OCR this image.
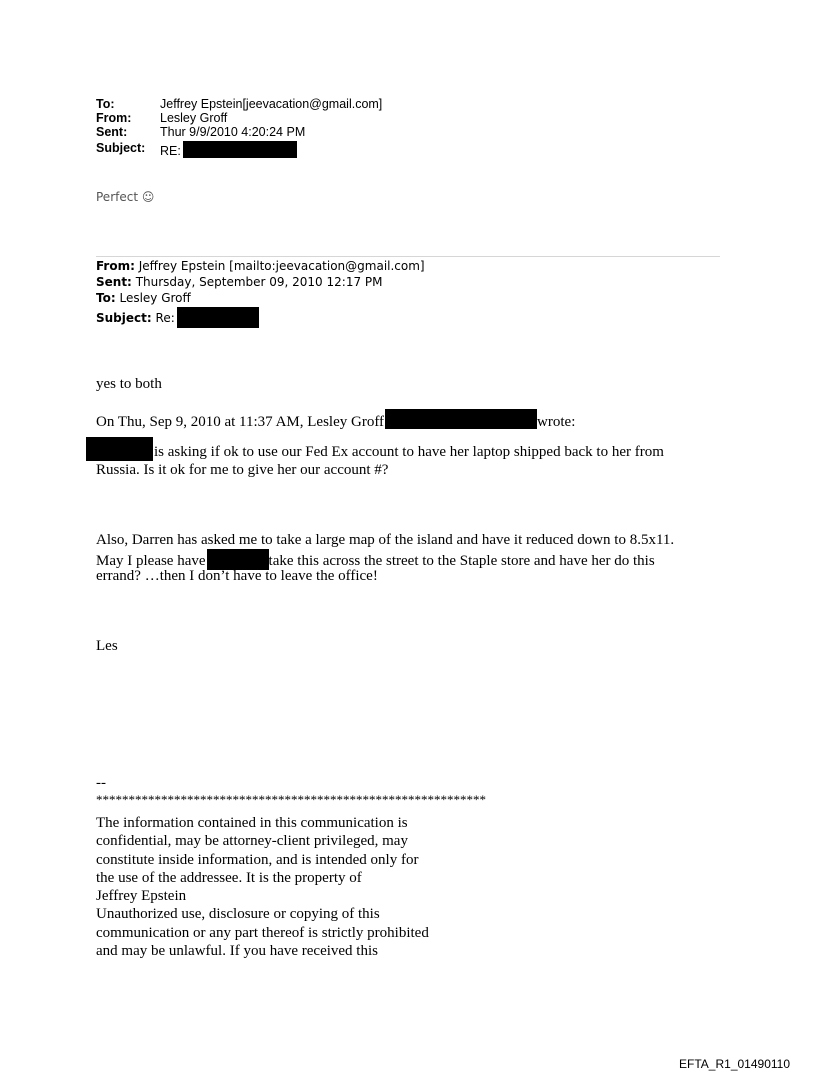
To:	Jeffrey Epstein[jeevacation@gmail.com]
From: Lesley Groff
Sent:	Thur 9/9/2010 4:20:24 PM
Subject: RE:
Perfect ☺
From: Jeffrey Epstein [mailto:jeevacation@gmail.com]
Sent: Thursday, September 09, 2010 12:17 PM
To: Lesley Groff
Subject: Re:
yes to both
On Thu, Sep 9, 2010 at 11:37 AM, Lesley Groff	wrote:
is asking if ok to use our Fed Ex account to have her laptop shipped back to her from
Russia. Is it ok for me to give her our account #?
Also, Darren has asked me to take a large map of the island and have it reduced down to 8.5x11.
May I please have	take this across the street to the Staple store and have her do this
errand? …then I don’t have to leave the office!
Les
--
************************************************************
The information contained in this communication is
confidential, may be attorney-client privileged, may
constitute inside information, and is intended only for
the use of the addressee. It is the property of
Jeffrey Epstein
Unauthorized use, disclosure or copying of this
communication or any part thereof is strictly prohibited
and may be unlawful. If you have received this
EFTA_R1_01490110
